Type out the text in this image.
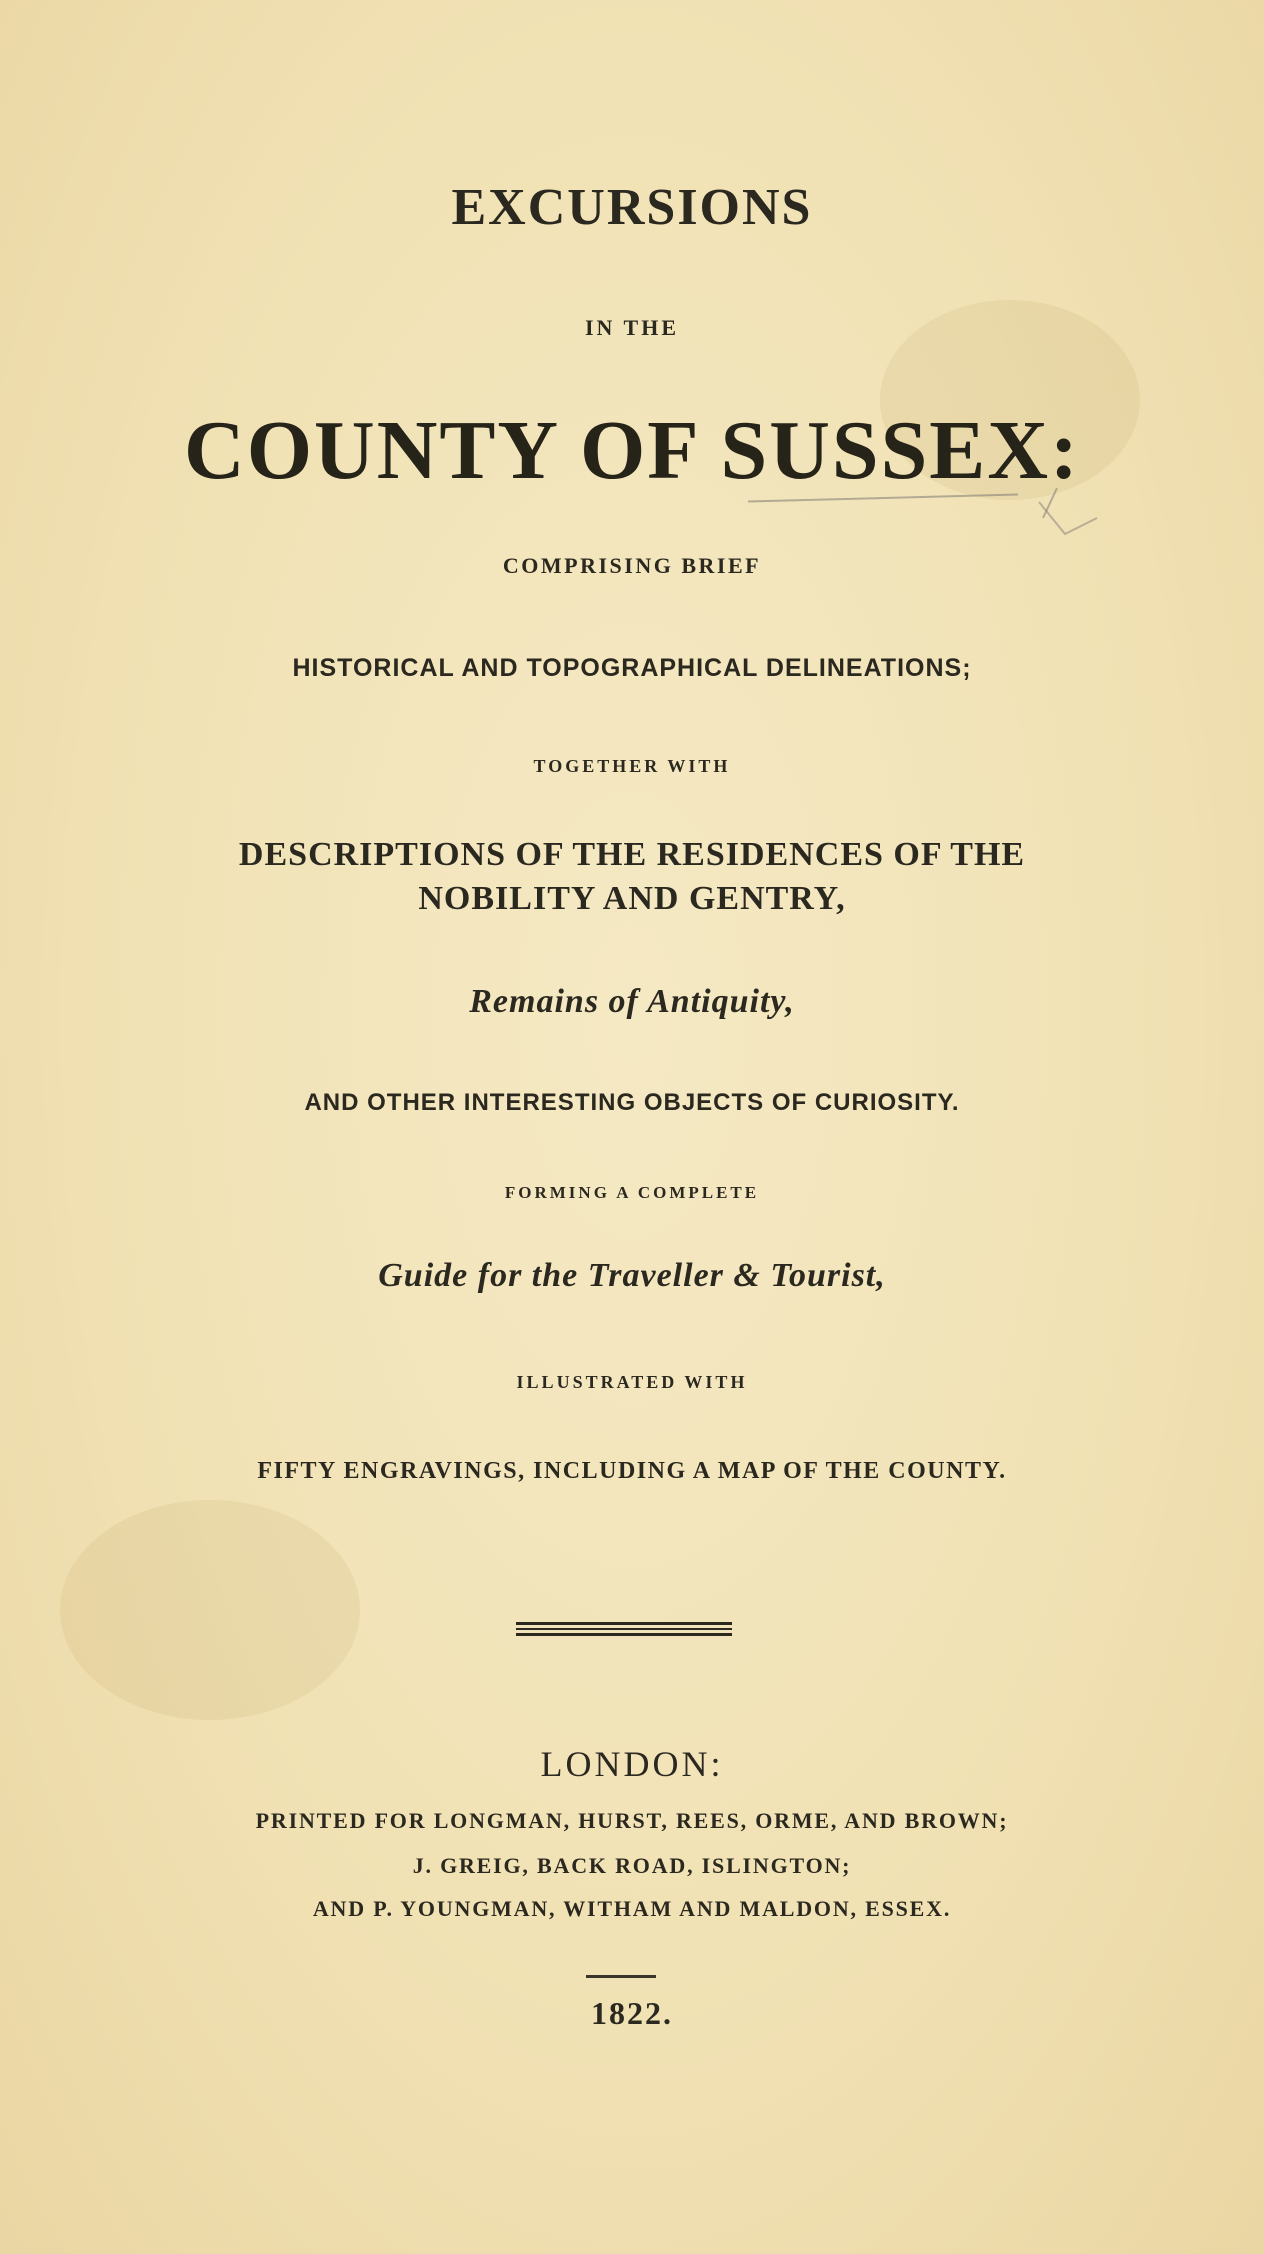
EXCURSIONS

IN THE

COUNTY OF SUSSEX:

COMPRISING BRIEF

HISTORICAL AND TOPOGRAPHICAL DELINEATIONS;

TOGETHER WITH

DESCRIPTIONS OF THE RESIDENCES OF THE

NOBILITY AND GENTRY,

Remains of Antiquity,

AND OTHER INTERESTING OBJECTS OF CURIOSITY.

FORMING A COMPLETE

Guide for the Traveller & Tourist,

ILLUSTRATED WITH

FIFTY ENGRAVINGS, INCLUDING A MAP OF THE COUNTY.

LONDON:

PRINTED FOR LONGMAN, HURST, REES, ORME, AND BROWN;

J. GREIG, BACK ROAD, ISLINGTON;

AND P. YOUNGMAN, WITHAM AND MALDON, ESSEX.

1822.
